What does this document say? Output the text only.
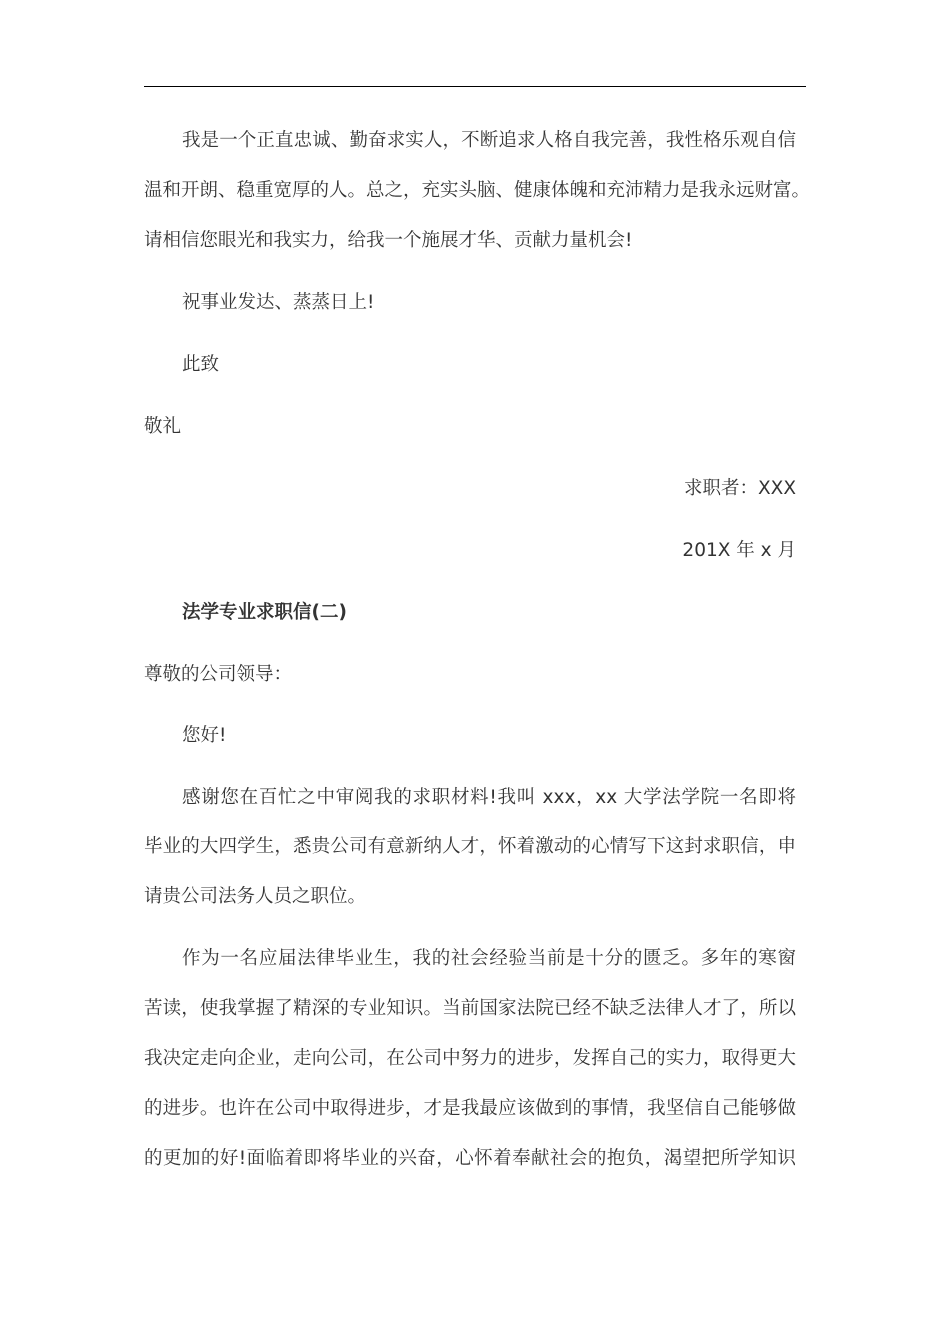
我是一个正直忠诚、勤奋求实人，不断追求人格自我完善，我性格乐观自信
温和开朗、稳重宽厚的人。总之，充实头脑、健康体魄和充沛精力是我永远财富。
请相信您眼光和我实力，给我一个施展才华、贡献力量机会!
祝事业发达、蒸蒸日上!
此致
敬礼
求职者：XXX
201X 年 x 月
法学专业求职信(二)
尊敬的公司领导：
您好!
感谢您在百忙之中审阅我的求职材料!我叫 xxx，xx 大学法学院一名即将
毕业的大四学生，悉贵公司有意新纳人才，怀着激动的心情写下这封求职信，申
请贵公司法务人员之职位。
作为一名应届法律毕业生，我的社会经验当前是十分的匮乏。多年的寒窗
苦读，使我掌握了精深的专业知识。当前国家法院已经不缺乏法律人才了，所以
我决定走向企业，走向公司，在公司中努力的进步，发挥自己的实力，取得更大
的进步。也许在公司中取得进步，才是我最应该做到的事情，我坚信自己能够做
的更加的好!面临着即将毕业的兴奋，心怀着奉献社会的抱负，渴望把所学知识
